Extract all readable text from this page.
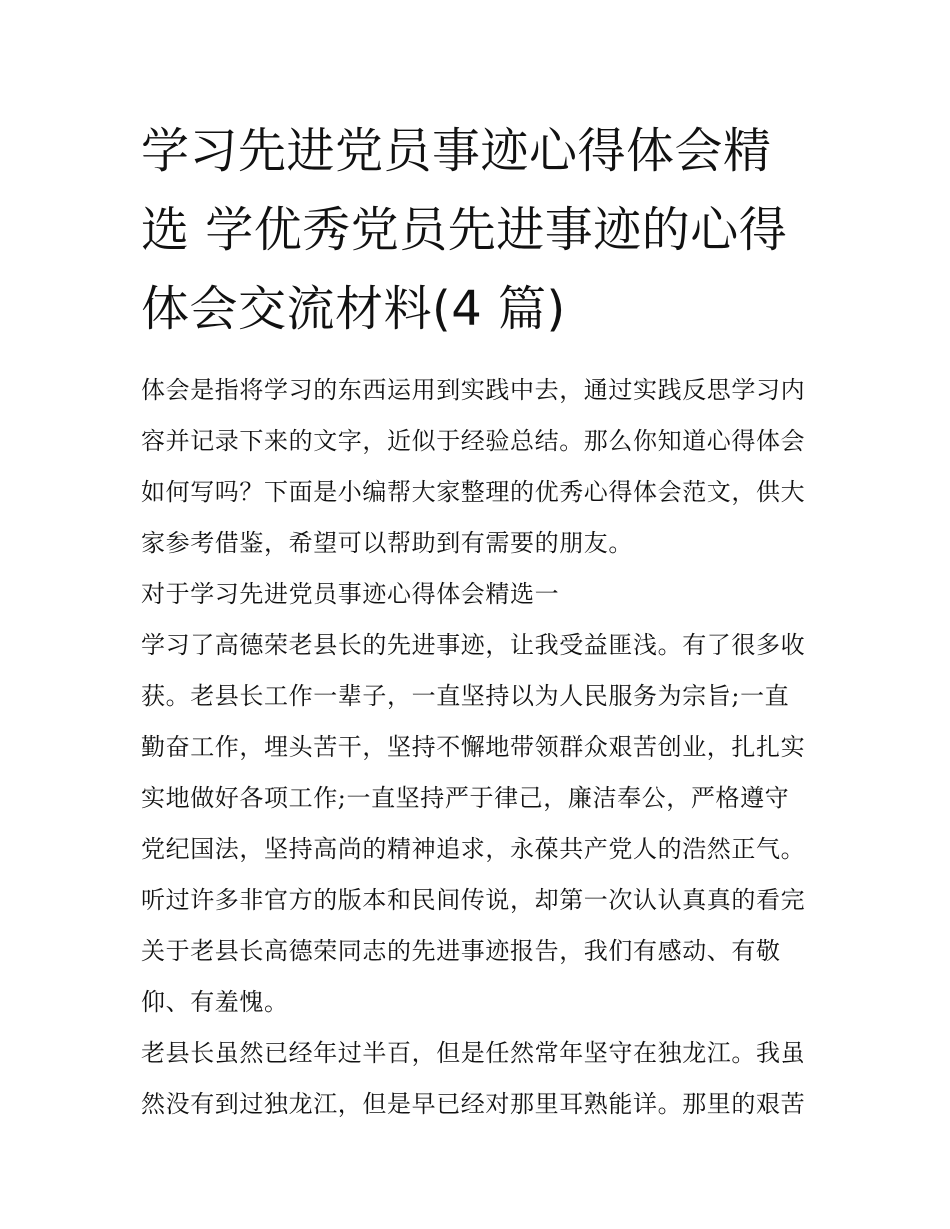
学习先进党员事迹心得体会精
选 学优秀党员先进事迹的心得
体会交流材料(4 篇)

体会是指将学习的东西运用到实践中去，通过实践反思学习内
容并记录下来的文字，近似于经验总结。那么你知道心得体会
如何写吗？下面是小编帮大家整理的优秀心得体会范文，供大
家参考借鉴，希望可以帮助到有需要的朋友。

对于学习先进党员事迹心得体会精选一

学习了高德荣老县长的先进事迹，让我受益匪浅。有了很多收
获。老县长工作一辈子，一直坚持以为人民服务为宗旨;一直
勤奋工作，埋头苦干，坚持不懈地带领群众艰苦创业，扎扎实
实地做好各项工作;一直坚持严于律己，廉洁奉公，严格遵守
党纪国法，坚持高尚的精神追求，永葆共产党人的浩然正气。
听过许多非官方的版本和民间传说，却第一次认认真真的看完
关于老县长高德荣同志的先进事迹报告，我们有感动、有敬
仰、有羞愧。

老县长虽然已经年过半百，但是任然常年坚守在独龙江。我虽
然没有到过独龙江，但是早已经对那里耳熟能详。那里的艰苦
